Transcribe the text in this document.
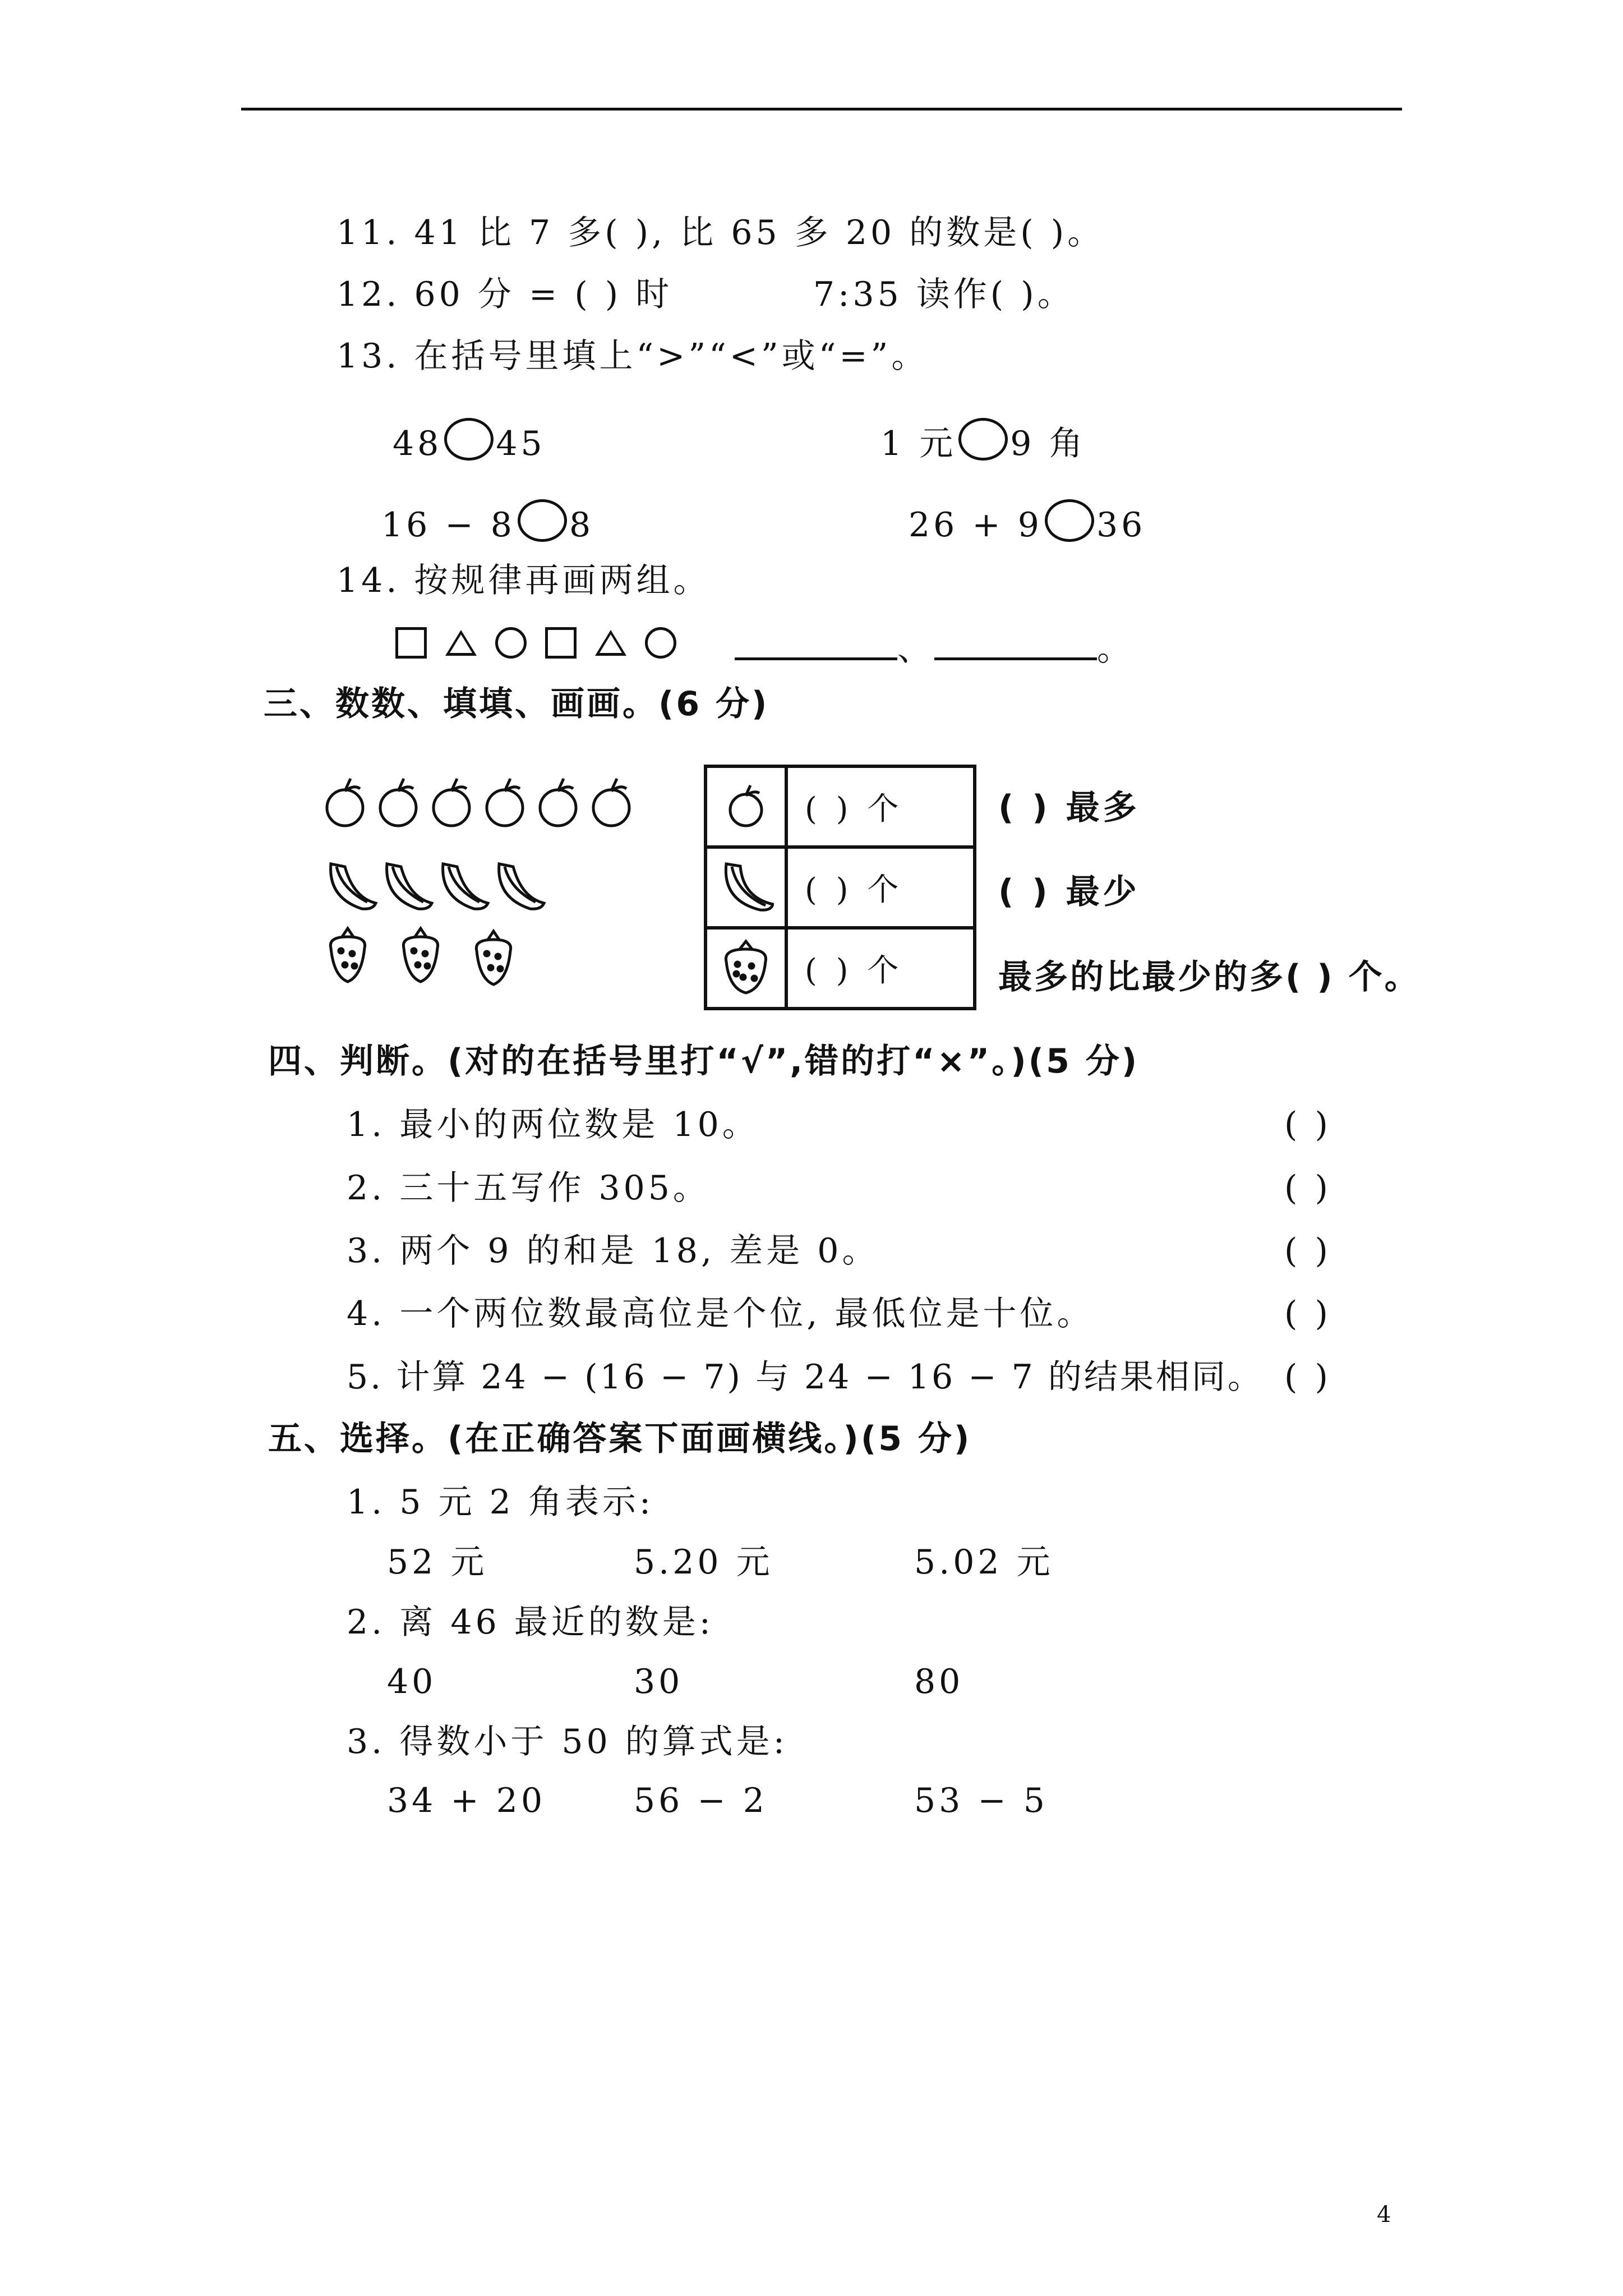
11. 41 比 7 多( ), 比 65 多 20 的数是( )。
12. 60 分 = ( ) 时	7:35 读作( )。
13. 在括号里填上“>”“<”或“=”。
48 45	1 元 9 角
16 − 8 8	26 + 9 36
14. 按规律再画两组。

、	。
三、数数、填填、画画。(6 分)
	( ) 个
	( ) 个
	( ) 个
( ) 最多
( ) 最少
最多的比最少的多( ) 个。
四、判断。(对的在括号里打“√”,错的打“×”。)(5 分)
1. 最小的两位数是 10。	( )
2. 三十五写作 305。	( )
3. 两个 9 的和是 18, 差是 0。	( )
4. 一个两位数最高位是个位, 最低位是十位。	( )
5. 计算 24 − (16 − 7) 与 24 − 16 − 7 的结果相同。 ( )
五、选择。(在正确答案下面画横线。)(5 分)
1. 5 元 2 角表示:
52 元	5.20 元	5.02 元
2. 离 46 最近的数是:
40	30	80
3. 得数小于 50 的算式是:
34 + 20	56 − 2	53 − 5
4
